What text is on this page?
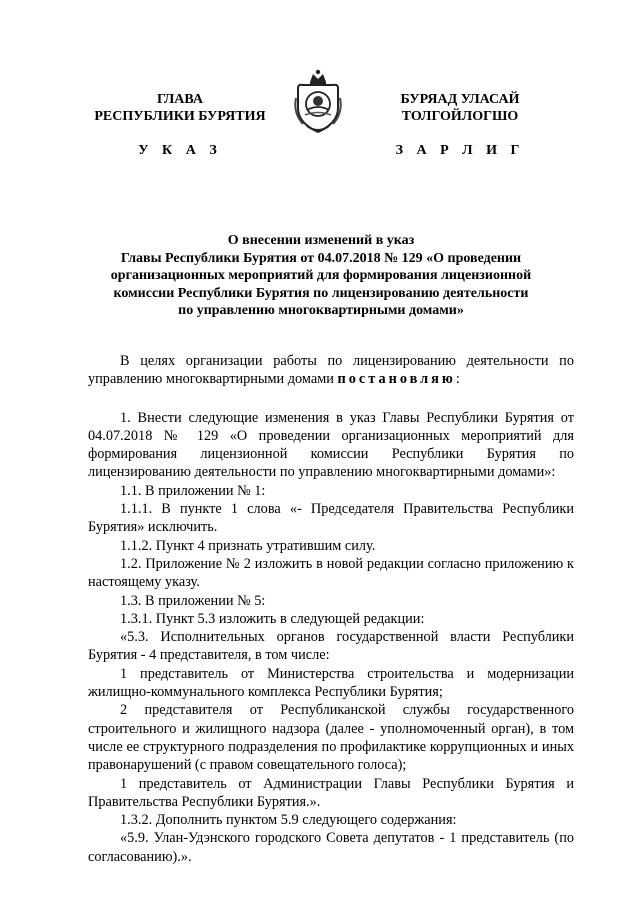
ГЛАВА
РЕСПУБЛИКИ БУРЯТИЯ
БУРЯАД УЛАСАЙ
ТОЛГОЙЛОГШО
У К А З	З А Р Л И Г
О внесении изменений в указ
Главы Республики Бурятия от 04.07.2018 № 129 «О проведении
организационных мероприятий для формирования лицензионной
комиссии Республики Бурятия по лицензированию деятельности
по управлению многоквартирными домами»

В целях организации работы по лицензированию деятельности по управлению многоквартирными домами постановляю:

1. Внести следующие изменения в указ Главы Республики Бурятия от 04.07.2018 № 129 «О проведении организационных мероприятий для формирования лицензионной комиссии Республики Бурятия по лицензированию деятельности по управлению многоквартирными домами»:

1.1. В приложении № 1:

1.1.1. В пункте 1 слова «- Председателя Правительства Республики Бурятия» исключить.

1.1.2. Пункт 4 признать утратившим силу.

1.2. Приложение № 2 изложить в новой редакции согласно приложению к настоящему указу.

1.3. В приложении № 5:

1.3.1. Пункт 5.3 изложить в следующей редакции:

«5.3. Исполнительных органов государственной власти Республики Бурятия - 4 представителя, в том числе:

1 представитель от Министерства строительства и модернизации жилищно-коммунального комплекса Республики Бурятия;

2 представителя от Республиканской службы государственного строительного и жилищного надзора (далее - уполномоченный орган), в том числе ее структурного подразделения по профилактике коррупционных и иных правонарушений (с правом совещательного голоса);

1 представитель от Администрации Главы Республики Бурятия и Правительства Республики Бурятия.».

1.3.2. Дополнить пунктом 5.9 следующего содержания:

«5.9. Улан-Удэнского городского Совета депутатов - 1 представитель (по согласованию).».
